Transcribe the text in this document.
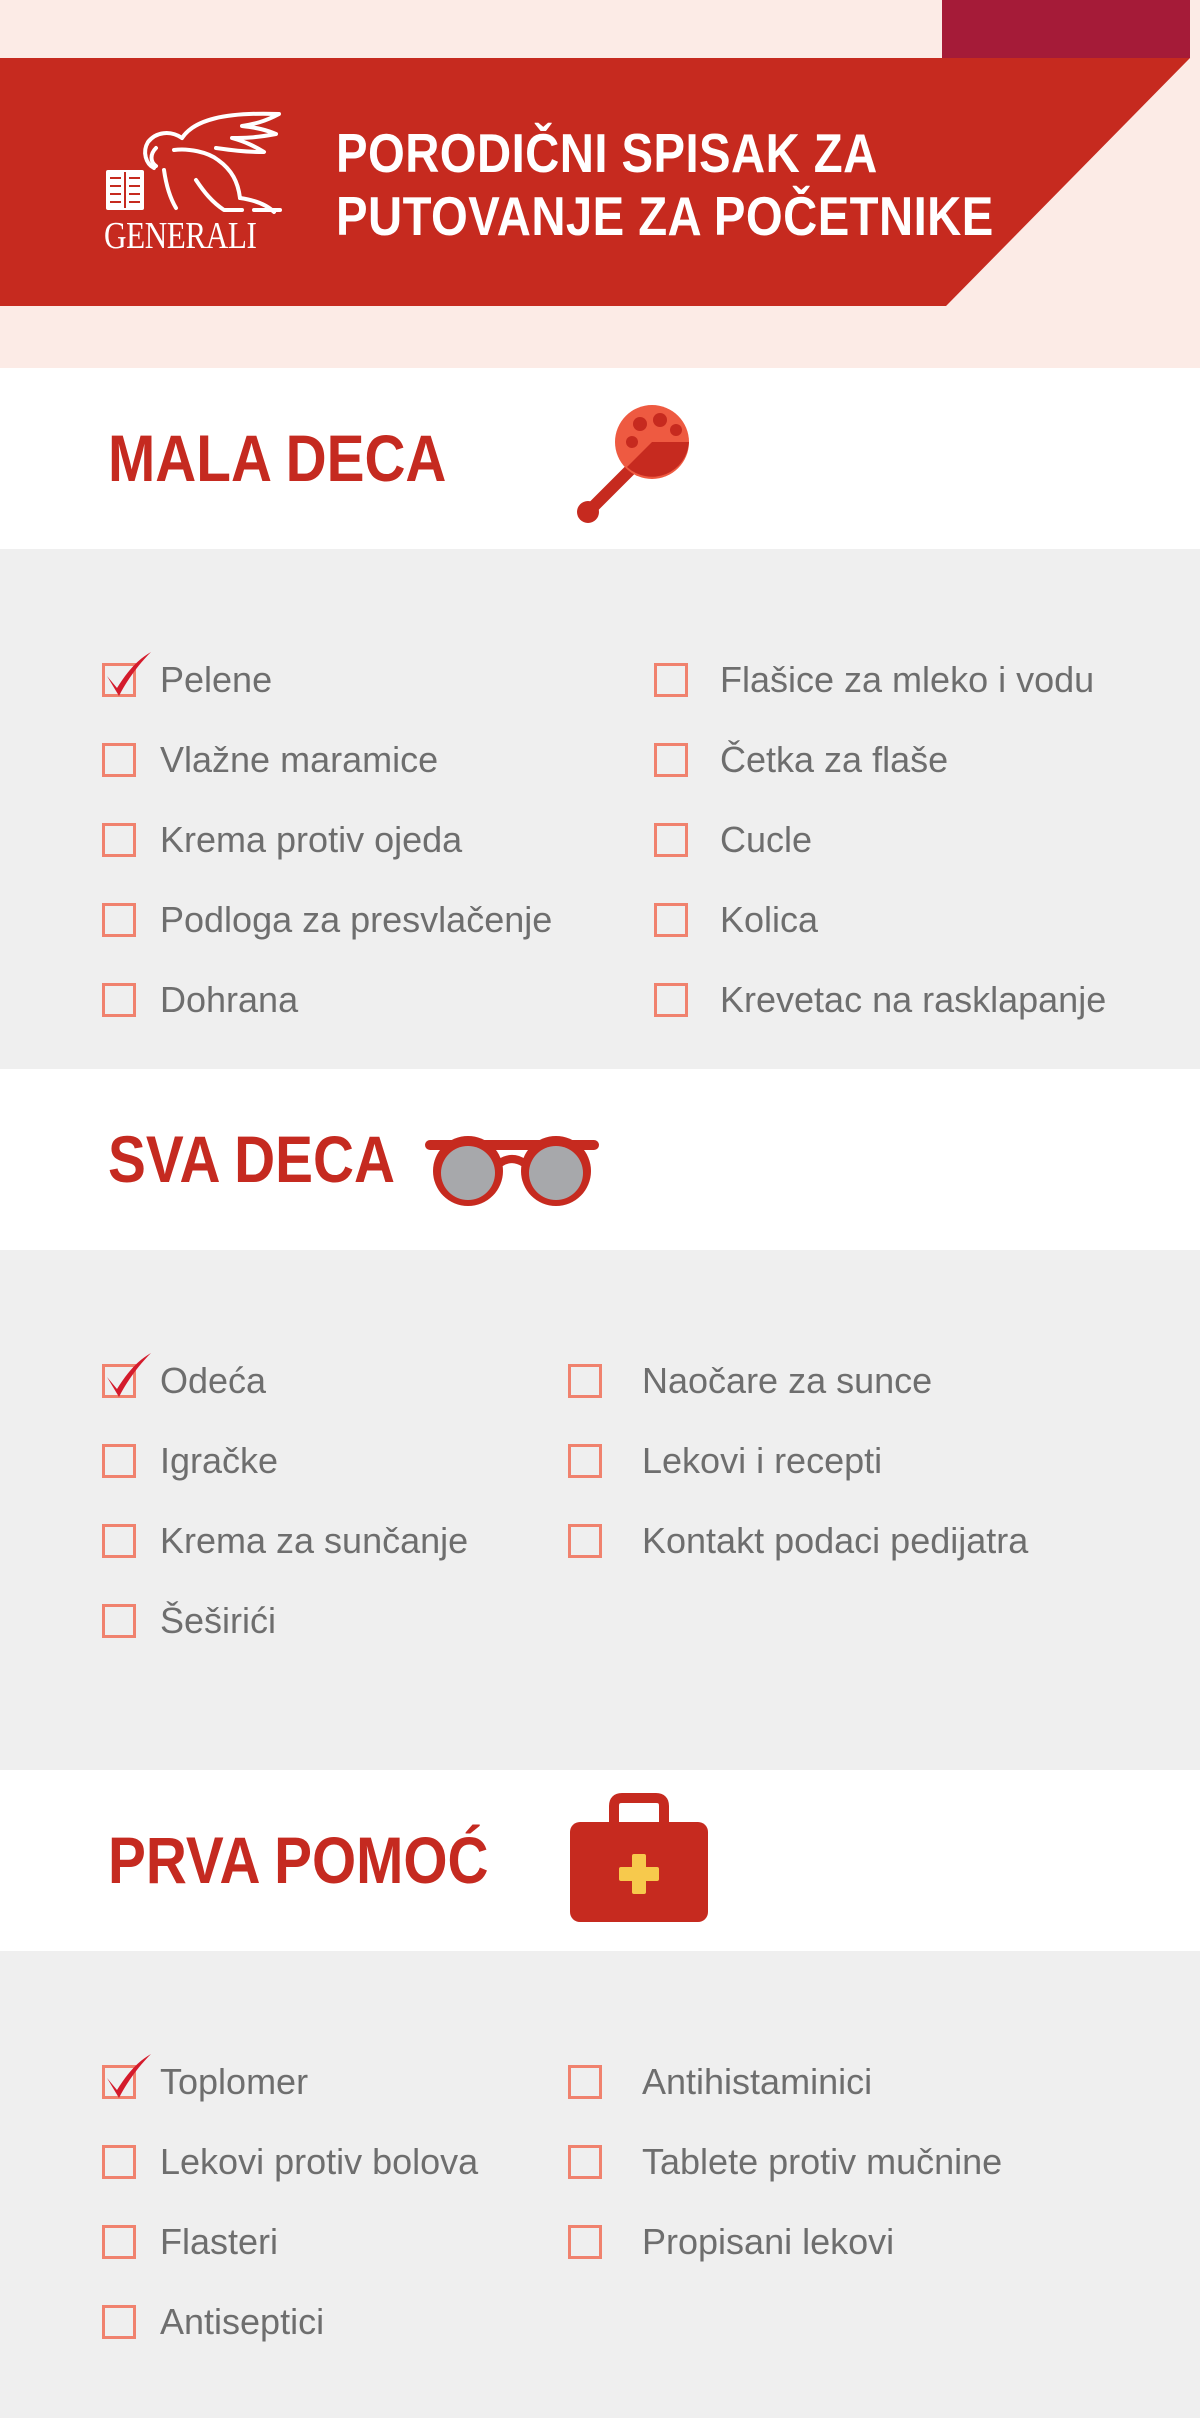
GENERALI
PORODIČNI SPISAK ZA
PUTOVANJE ZA POČETNIKE
MALA DECA
Pelene
Vlažne maramice
Krema protiv ojeda
Podloga za presvlačenje
Dohrana
Flašice za mleko i vodu
Četka za flaše
Cucle
Kolica
Krevetac na rasklapanje
SVA DECA
Odeća
Igračke
Krema za sunčanje
Šeširići
Naočare za sunce
Lekovi i recepti
Kontakt podaci pedijatra
PRVA POMOĆ
Toplomer
Lekovi protiv bolova
Flasteri
Antiseptici
Antihistaminici
Tablete protiv mučnine
Propisani lekovi
